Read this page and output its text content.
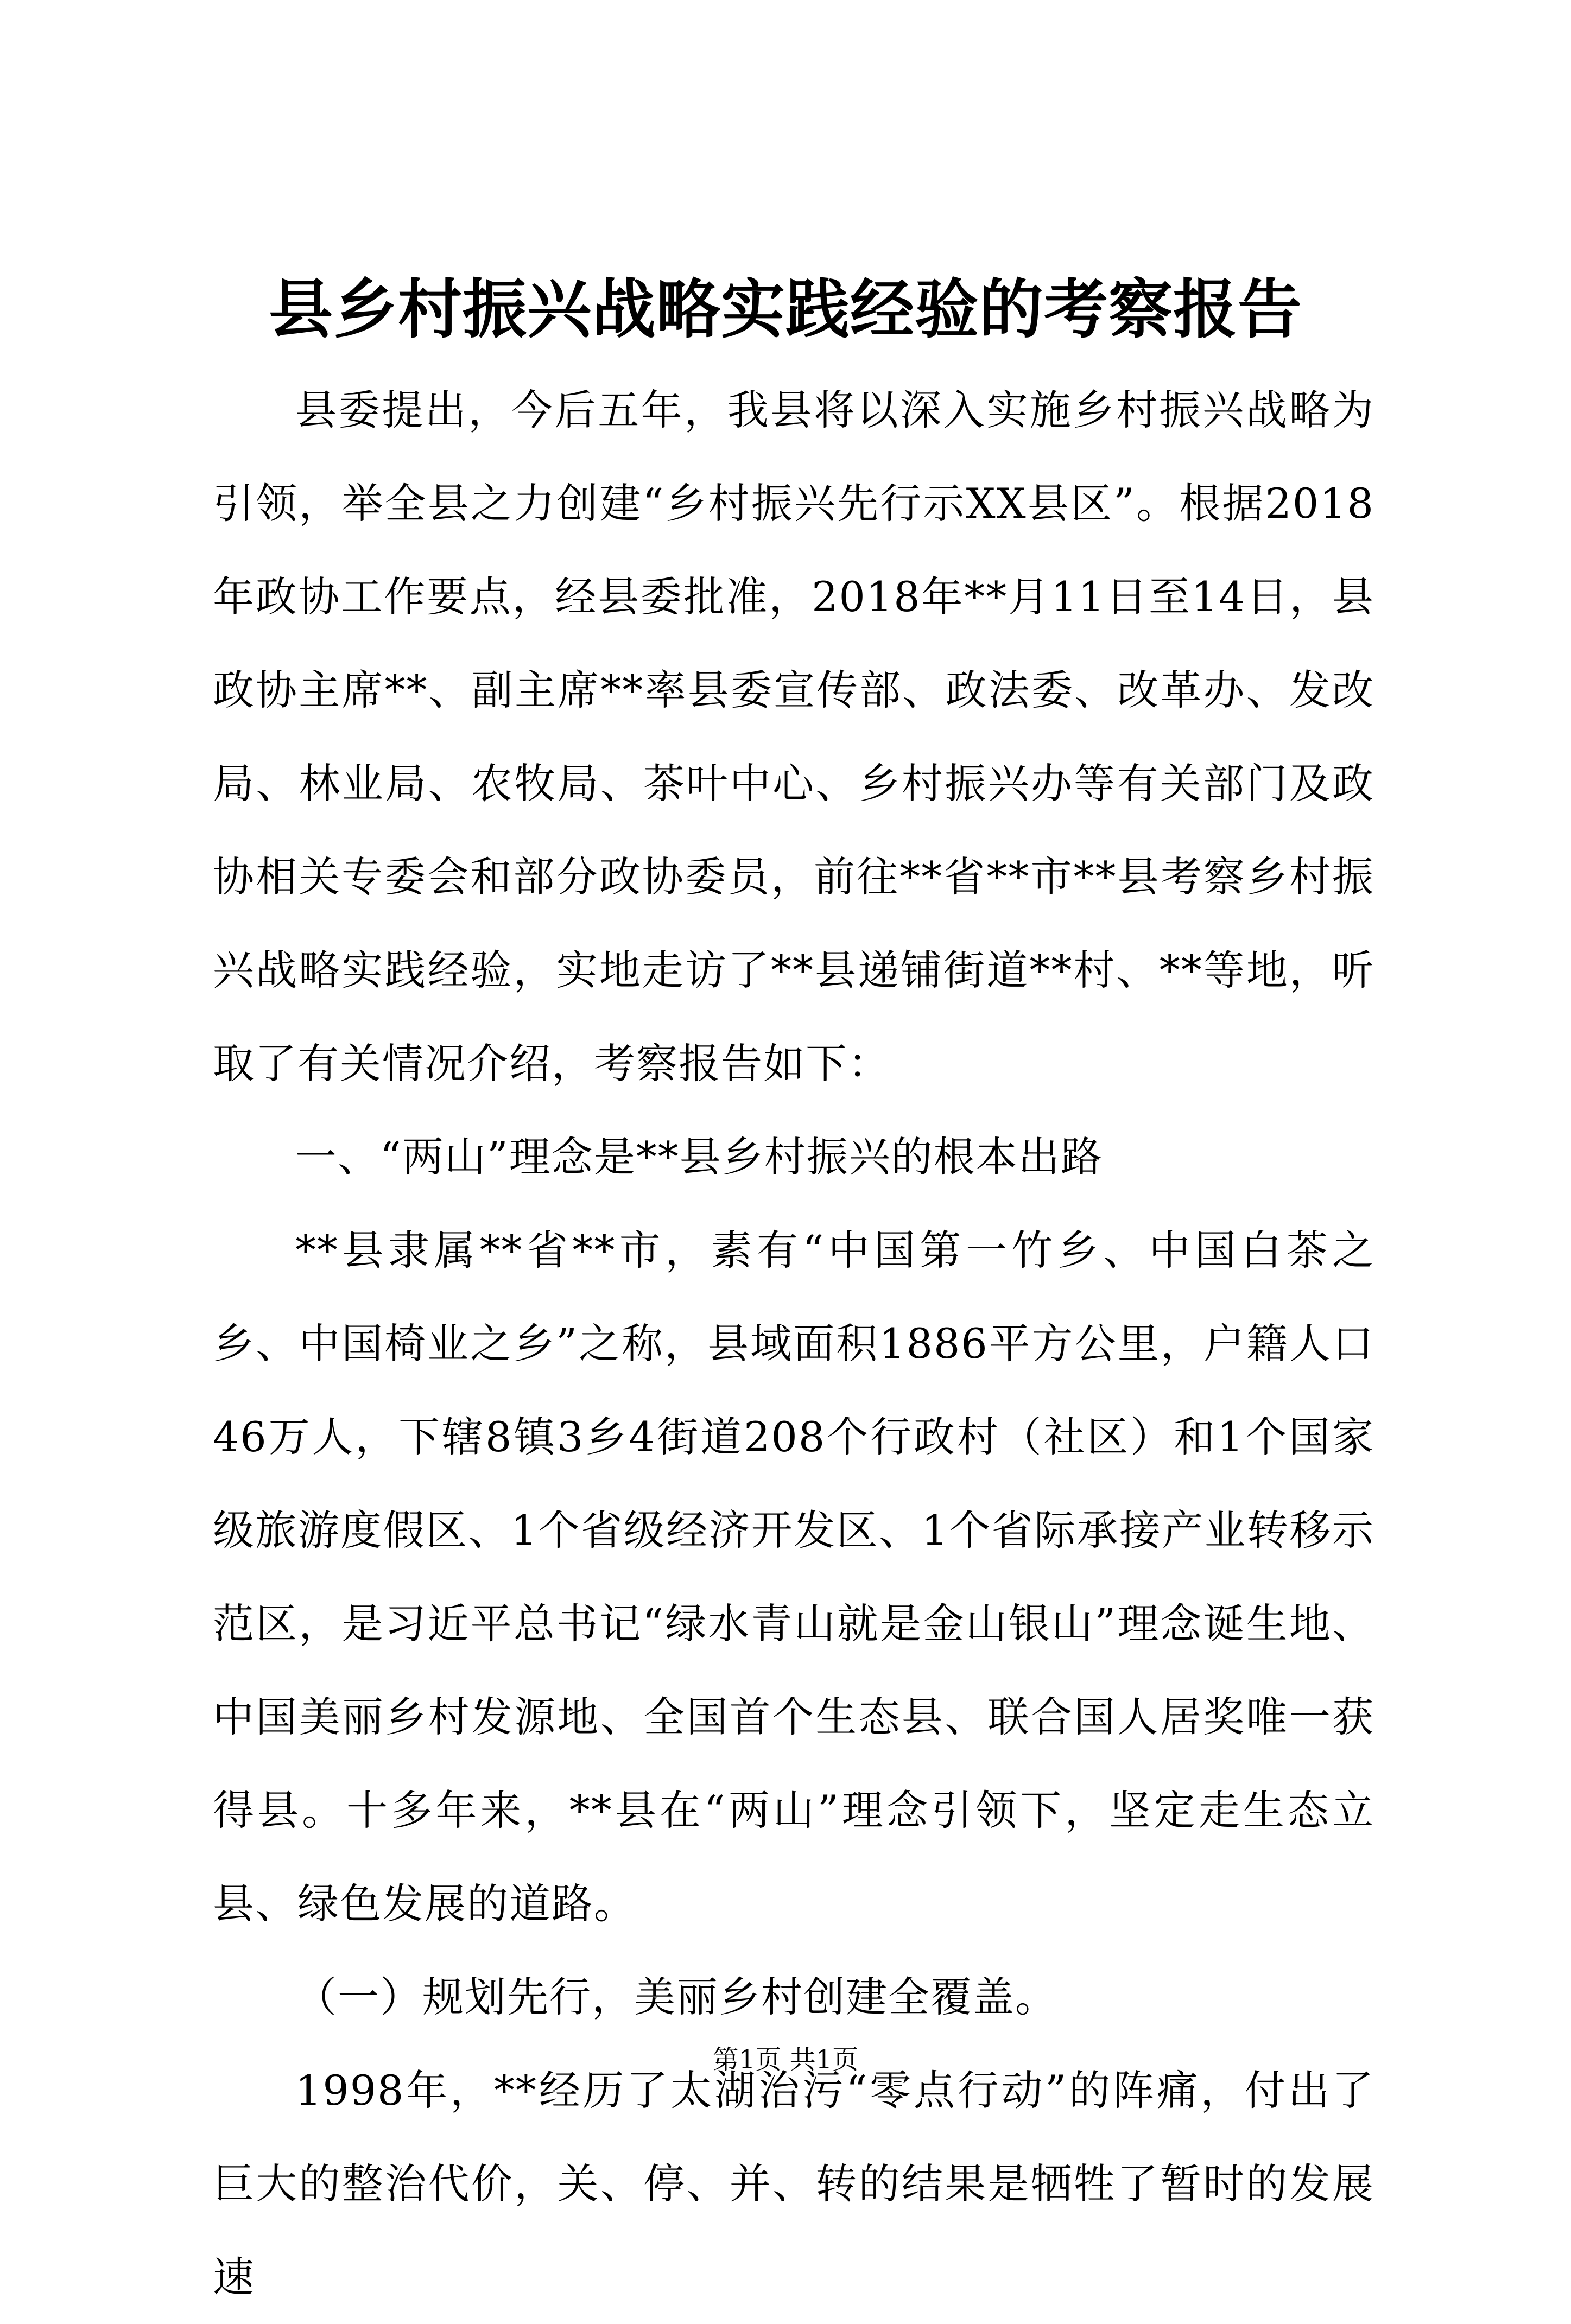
县乡村振兴战略实践经验的考察报告

县委提出，今后五年，我县将以深入实施乡村振兴战略为引领，举全县之力创建“乡村振兴先行示XX县区”。根据2018年政协工作要点，经县委批准，2018年**月11日至14日，县政协主席**、副主席**率县委宣传部、政法委、改革办、发改局、林业局、农牧局、茶叶中心、乡村振兴办等有关部门及政协相关专委会和部分政协委员，前往**省**市**县考察乡村振兴战略实践经验，实地走访了**县递铺街道**村、**等地，听取了有关情况介绍，考察报告如下：

一、“两山”理念是**县乡村振兴的根本出路

**县隶属**省**市，素有“中国第一竹乡、中国白茶之乡、中国椅业之乡”之称，县域面积1886平方公里，户籍人口46万人，下辖8镇3乡4街道208个行政村（社区）和1个国家级旅游度假区、1个省级经济开发区、1个省际承接产业转移示范区，是习近平总书记“绿水青山就是金山银山”理念诞生地、中国美丽乡村发源地、全国首个生态县、联合国人居奖唯一获得县。十多年来，**县在“两山”理念引领下，坚定走生态立县、绿色发展的道路。

（一）规划先行，美丽乡村创建全覆盖。

1998年，**经历了太湖治污“零点行动”的阵痛，付出了巨大的整治代价，关、停、并、转的结果是牺牲了暂时的发展速

第1页 共1页
